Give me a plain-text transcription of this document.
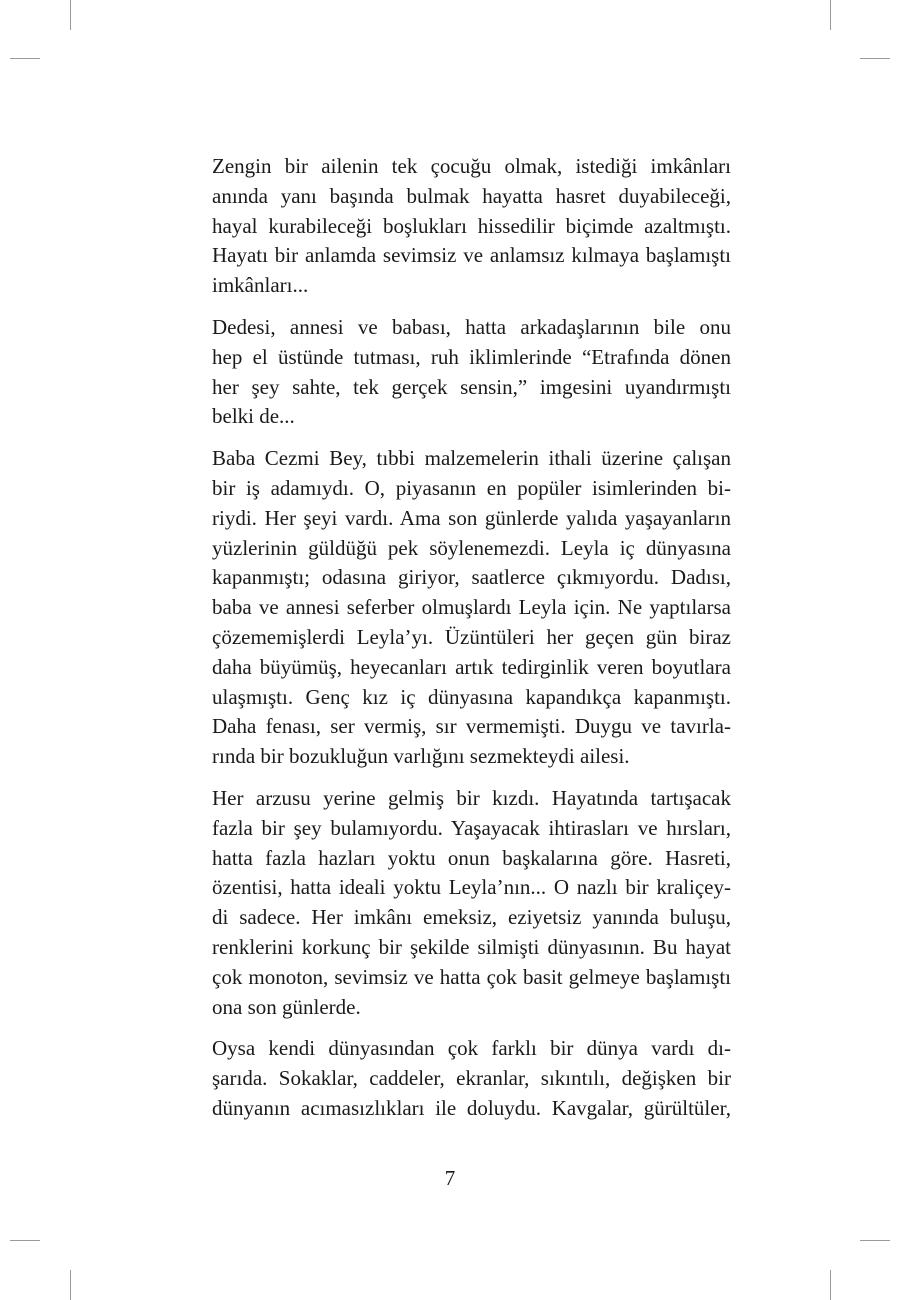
Zengin bir ailenin tek çocuğu olmak, istediği imkânları
anında yanı başında bulmak hayatta hasret duyabileceği,
hayal kurabileceği boşlukları hissedilir biçimde azaltmıştı.
Hayatı bir anlamda sevimsiz ve anlamsız kılmaya başlamıştı
imkânları...

Dedesi, annesi ve babası, hatta arkadaşlarının bile onu
hep el üstünde tutması, ruh iklimlerinde “Etrafında dönen
her şey sahte, tek gerçek sensin,” imgesini uyandırmıştı
belki de...

Baba Cezmi Bey, tıbbi malzemelerin ithali üzerine çalışan
bir iş adamıydı. O, piyasanın en popüler isimlerinden bi-
riydi. Her şeyi vardı. Ama son günlerde yalıda yaşayanların
yüzlerinin güldüğü pek söylenemezdi. Leyla iç dünyasına
kapanmıştı; odasına giriyor, saatlerce çıkmıyordu. Dadısı,
baba ve annesi seferber olmuşlardı Leyla için. Ne yaptılarsa
çözememişlerdi Leyla’yı. Üzüntüleri her geçen gün biraz
daha büyümüş, heyecanları artık tedirginlik veren boyutlara
ulaşmıştı. Genç kız iç dünyasına kapandıkça kapanmıştı.
Daha fenası, ser vermiş, sır vermemişti. Duygu ve tavırla-
rında bir bozukluğun varlığını sezmekteydi ailesi.

Her arzusu yerine gelmiş bir kızdı. Hayatında tartışacak
fazla bir şey bulamıyordu. Yaşayacak ihtirasları ve hırsları,
hatta fazla hazları yoktu onun başkalarına göre. Hasreti,
özentisi, hatta ideali yoktu Leyla’nın... O nazlı bir kraliçey-
di sadece. Her imkânı emeksiz, eziyetsiz yanında buluşu,
renklerini korkunç bir şekilde silmişti dünyasının. Bu hayat
çok monoton, sevimsiz ve hatta çok basit gelmeye başlamıştı
ona son günlerde.

Oysa kendi dünyasından çok farklı bir dünya vardı dı-
şarıda. Sokaklar, caddeler, ekranlar, sıkıntılı, değişken bir
dünyanın acımasızlıkları ile doluydu. Kavgalar, gürültüler,

7
